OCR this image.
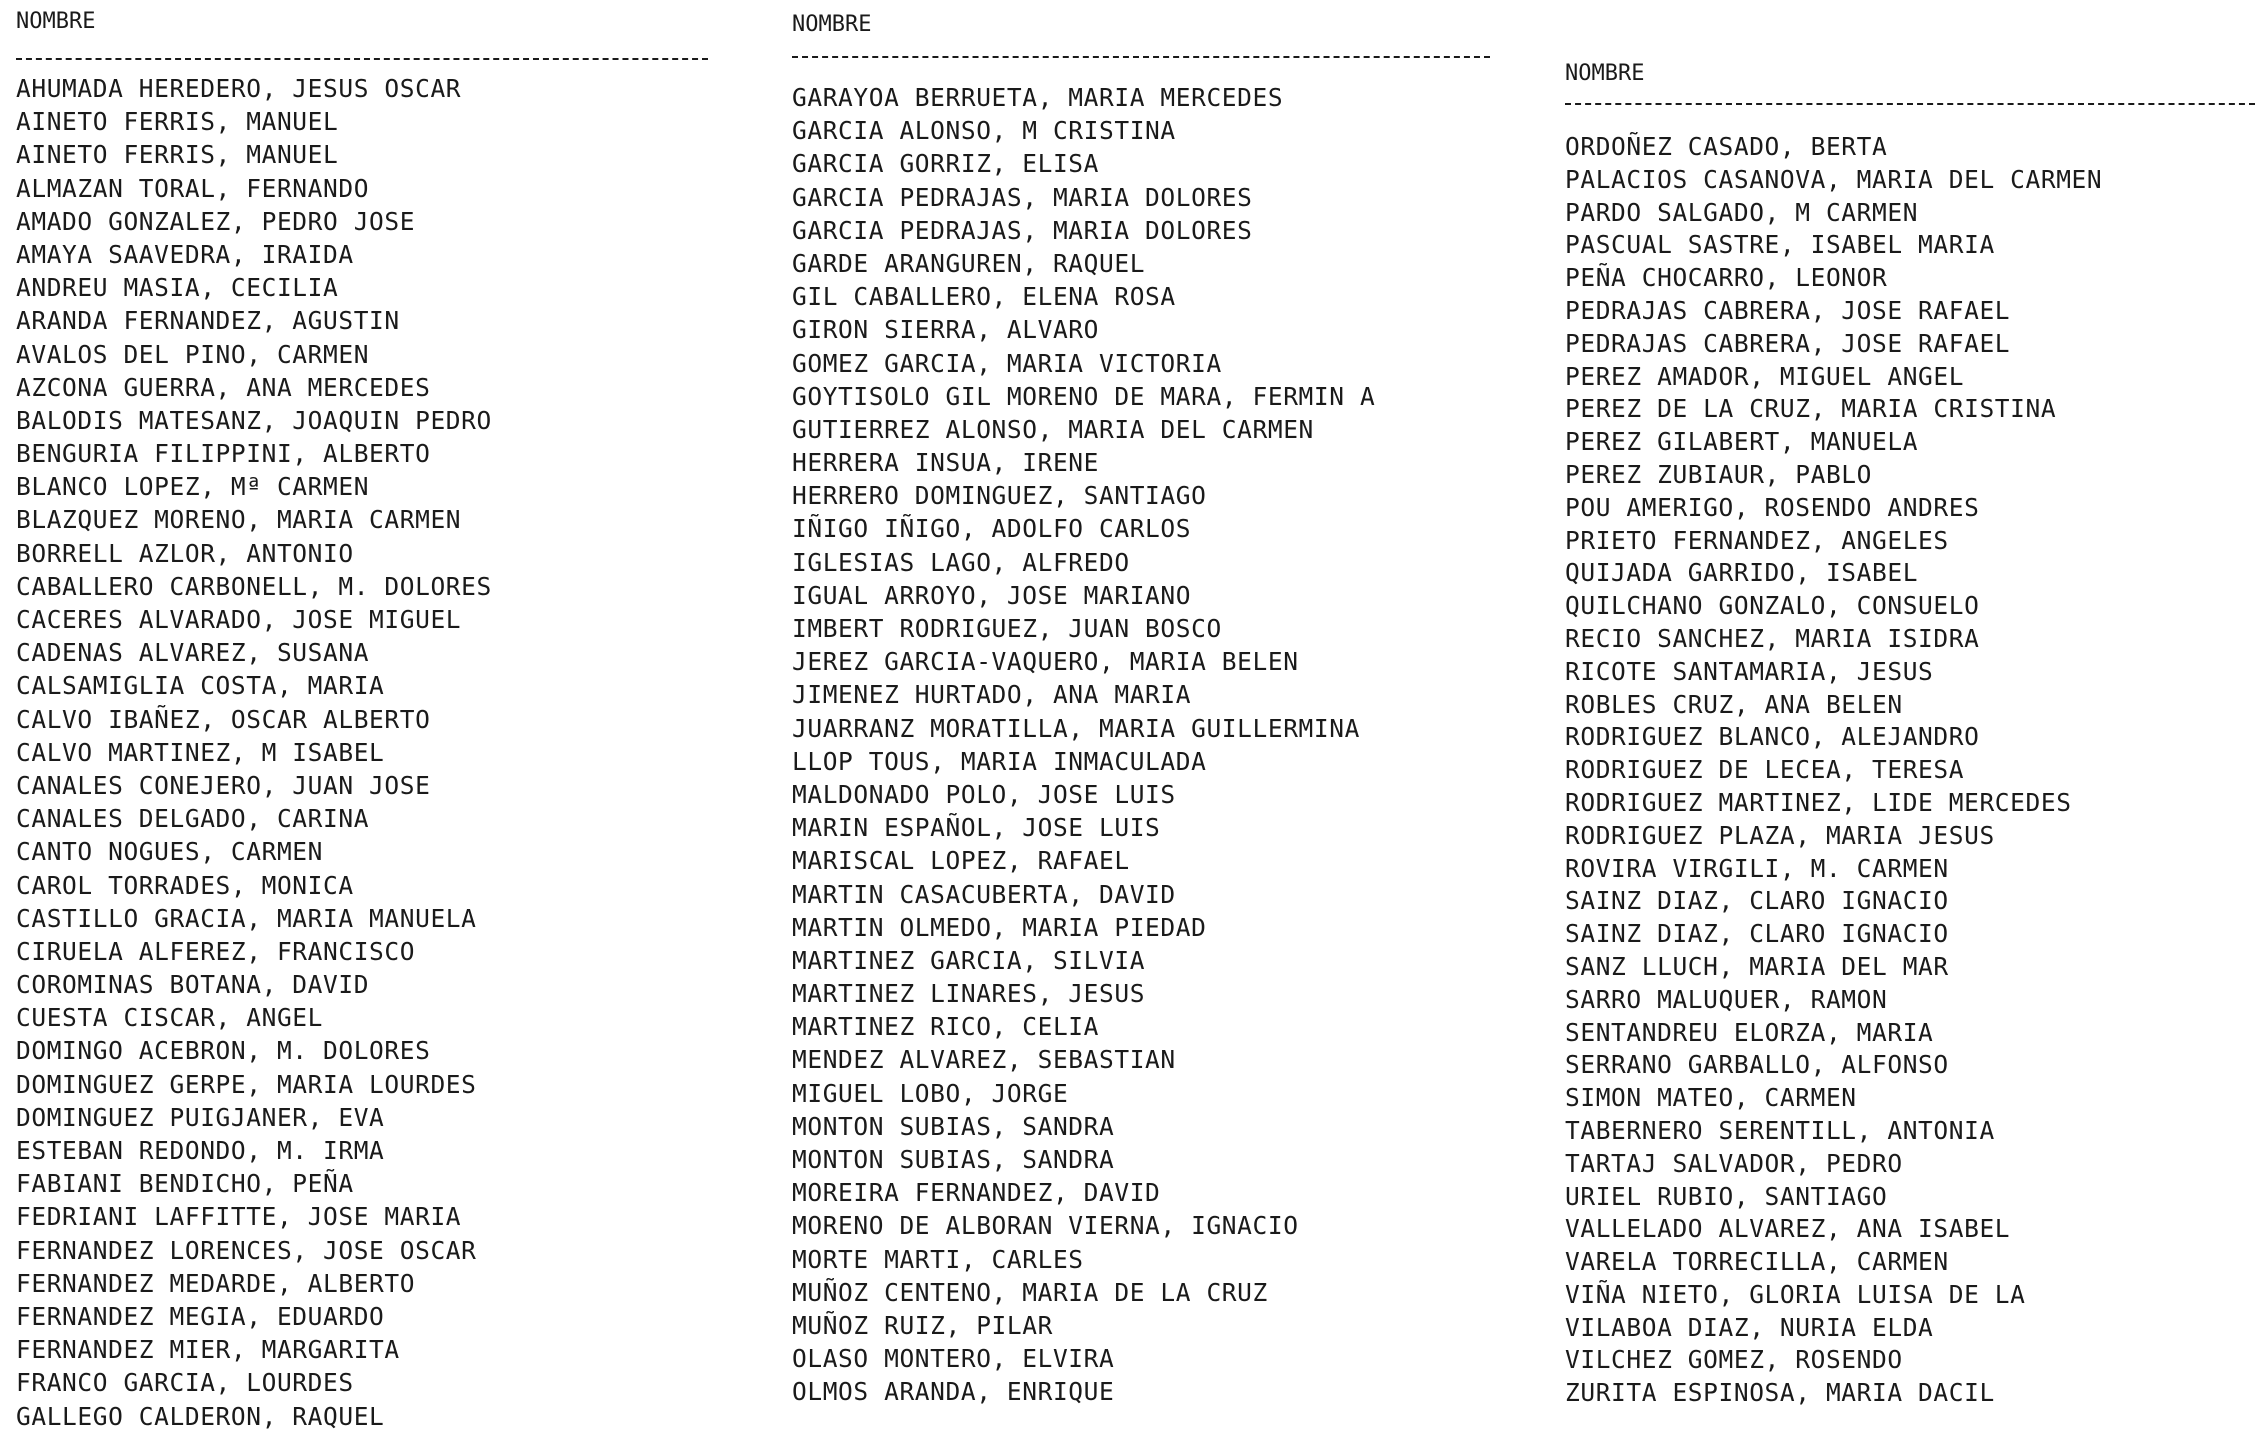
NOMBRE
AHUMADA HEREDERO, JESUS OSCAR
AINETO FERRIS, MANUEL
AINETO FERRIS, MANUEL
ALMAZAN TORAL, FERNANDO
AMADO GONZALEZ, PEDRO JOSE
AMAYA SAAVEDRA, IRAIDA
ANDREU MASIA, CECILIA
ARANDA FERNANDEZ, AGUSTIN
AVALOS DEL PINO, CARMEN
AZCONA GUERRA, ANA MERCEDES
BALODIS MATESANZ, JOAQUIN PEDRO
BENGURIA FILIPPINI, ALBERTO
BLANCO LOPEZ, Mª CARMEN
BLAZQUEZ MORENO, MARIA CARMEN
BORRELL AZLOR, ANTONIO
CABALLERO CARBONELL, M. DOLORES
CACERES ALVARADO, JOSE MIGUEL
CADENAS ALVAREZ, SUSANA
CALSAMIGLIA COSTA, MARIA
CALVO IBAÑEZ, OSCAR ALBERTO
CALVO MARTINEZ, M ISABEL
CANALES CONEJERO, JUAN JOSE
CANALES DELGADO, CARINA
CANTO NOGUES, CARMEN
CAROL TORRADES, MONICA
CASTILLO GRACIA, MARIA MANUELA
CIRUELA ALFEREZ, FRANCISCO
COROMINAS BOTANA, DAVID
CUESTA CISCAR, ANGEL
DOMINGO ACEBRON, M. DOLORES
DOMINGUEZ GERPE, MARIA LOURDES
DOMINGUEZ PUIGJANER, EVA
ESTEBAN REDONDO, M. IRMA
FABIANI BENDICHO, PEÑA
FEDRIANI LAFFITTE, JOSE MARIA
FERNANDEZ LORENCES, JOSE OSCAR
FERNANDEZ MEDARDE, ALBERTO
FERNANDEZ MEGIA, EDUARDO
FERNANDEZ MIER, MARGARITA
FRANCO GARCIA, LOURDES
GALLEGO CALDERON, RAQUEL
NOMBRE
GARAYOA BERRUETA, MARIA MERCEDES
GARCIA ALONSO, M CRISTINA
GARCIA GORRIZ, ELISA
GARCIA PEDRAJAS, MARIA DOLORES
GARCIA PEDRAJAS, MARIA DOLORES
GARDE ARANGUREN, RAQUEL
GIL CABALLERO, ELENA ROSA
GIRON SIERRA, ALVARO
GOMEZ GARCIA, MARIA VICTORIA
GOYTISOLO GIL MORENO DE MARA, FERMIN A
GUTIERREZ ALONSO, MARIA DEL CARMEN
HERRERA INSUA, IRENE
HERRERO DOMINGUEZ, SANTIAGO
IÑIGO IÑIGO, ADOLFO CARLOS
IGLESIAS LAGO, ALFREDO
IGUAL ARROYO, JOSE MARIANO
IMBERT RODRIGUEZ, JUAN BOSCO
JEREZ GARCIA-VAQUERO, MARIA BELEN
JIMENEZ HURTADO, ANA MARIA
JUARRANZ MORATILLA, MARIA GUILLERMINA
LLOP TOUS, MARIA INMACULADA
MALDONADO POLO, JOSE LUIS
MARIN ESPAÑOL, JOSE LUIS
MARISCAL LOPEZ, RAFAEL
MARTIN CASACUBERTA, DAVID
MARTIN OLMEDO, MARIA PIEDAD
MARTINEZ GARCIA, SILVIA
MARTINEZ LINARES, JESUS
MARTINEZ RICO, CELIA
MENDEZ ALVAREZ, SEBASTIAN
MIGUEL LOBO, JORGE
MONTON SUBIAS, SANDRA
MONTON SUBIAS, SANDRA
MOREIRA FERNANDEZ, DAVID
MORENO DE ALBORAN VIERNA, IGNACIO
MORTE MARTI, CARLES
MUÑOZ CENTENO, MARIA DE LA CRUZ
MUÑOZ RUIZ, PILAR
OLASO MONTERO, ELVIRA
OLMOS ARANDA, ENRIQUE
NOMBRE
ORDOÑEZ CASADO, BERTA
PALACIOS CASANOVA, MARIA DEL CARMEN
PARDO SALGADO, M CARMEN
PASCUAL SASTRE, ISABEL MARIA
PEÑA CHOCARRO, LEONOR
PEDRAJAS CABRERA, JOSE RAFAEL
PEDRAJAS CABRERA, JOSE RAFAEL
PEREZ AMADOR, MIGUEL ANGEL
PEREZ DE LA CRUZ, MARIA CRISTINA
PEREZ GILABERT, MANUELA
PEREZ ZUBIAUR, PABLO
POU AMERIGO, ROSENDO ANDRES
PRIETO FERNANDEZ, ANGELES
QUIJADA GARRIDO, ISABEL
QUILCHANO GONZALO, CONSUELO
RECIO SANCHEZ, MARIA ISIDRA
RICOTE SANTAMARIA, JESUS
ROBLES CRUZ, ANA BELEN
RODRIGUEZ BLANCO, ALEJANDRO
RODRIGUEZ DE LECEA, TERESA
RODRIGUEZ MARTINEZ, LIDE MERCEDES
RODRIGUEZ PLAZA, MARIA JESUS
ROVIRA VIRGILI, M. CARMEN
SAINZ DIAZ, CLARO IGNACIO
SAINZ DIAZ, CLARO IGNACIO
SANZ LLUCH, MARIA DEL MAR
SARRO MALUQUER, RAMON
SENTANDREU ELORZA, MARIA
SERRANO GARBALLO, ALFONSO
SIMON MATEO, CARMEN
TABERNERO SERENTILL, ANTONIA
TARTAJ SALVADOR, PEDRO
URIEL RUBIO, SANTIAGO
VALLELADO ALVAREZ, ANA ISABEL
VARELA TORRECILLA, CARMEN
VIÑA NIETO, GLORIA LUISA DE LA
VILABOA DIAZ, NURIA ELDA
VILCHEZ GOMEZ, ROSENDO
ZURITA ESPINOSA, MARIA DACIL
